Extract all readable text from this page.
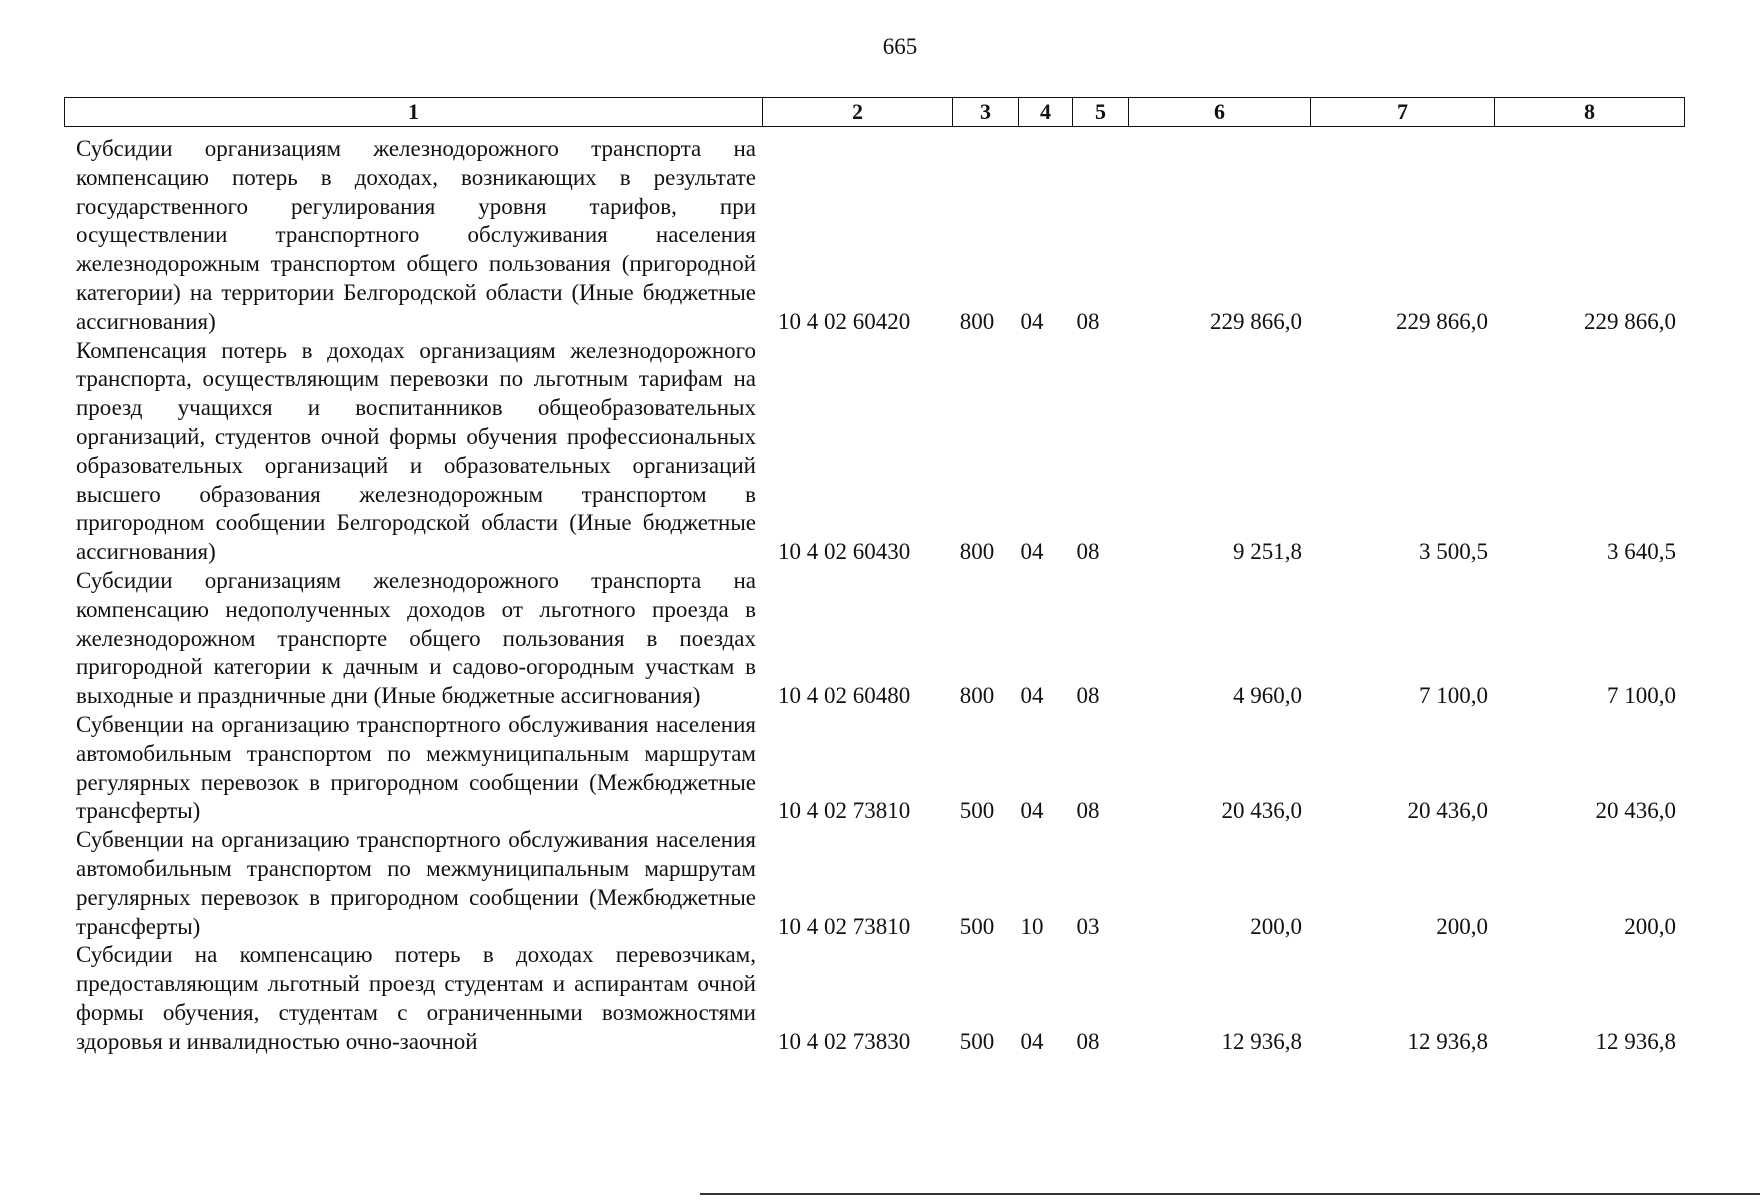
665
1	2	3	4	5	6	7	8
Субсидии организациям железнодорожного транспорта на компенсацию потерь в доходах, возникающих в результате государственного регулирования уровня тарифов, при осуществлении транспортного обслуживания населения железнодорожным транспортом общего пользования (пригородной категории) на территории Белгородской области (Иные бюджетные ассигнования)	10 4 02 60420	800	04	08	229 866,0	229 866,0	229 866,0
Компенсация потерь в доходах организациям железнодорожного транспорта, осуществляющим перевозки по льготным тарифам на проезд учащихся и воспитанников общеобразовательных организаций, студентов очной формы обучения профессиональных образовательных организаций и образовательных организаций высшего образования железнодорожным транспортом в пригородном сообщении Белгородской области (Иные бюджетные ассигнования)	10 4 02 60430	800	04	08	9 251,8	3 500,5	3 640,5
Субсидии организациям железнодорожного транспорта на компенсацию недополученных доходов от льготного проезда в железнодорожном транспорте общего пользования в поездах пригородной категории к дачным и садово-огородным участкам в выходные и праздничные дни (Иные бюджетные ассигнования)	10 4 02 60480	800	04	08	4 960,0	7 100,0	7 100,0
Субвенции на организацию транспортного обслуживания населения автомобильным транспортом по межмуниципальным маршрутам регулярных перевозок в пригородном сообщении (Межбюджетные трансферты)	10 4 02 73810	500	04	08	20 436,0	20 436,0	20 436,0
Субвенции на организацию транспортного обслуживания населения автомобильным транспортом по межмуниципальным маршрутам регулярных перевозок в пригородном сообщении (Межбюджетные трансферты)	10 4 02 73810	500	10	03	200,0	200,0	200,0
Субсидии на компенсацию потерь в доходах перевозчикам, предоставляющим льготный проезд студентам и аспирантам очной формы обучения, студентам с ограниченными возможностями здоровья и инвалидностью очно-заочной	10 4 02 73830	500	04	08	12 936,8	12 936,8	12 936,8
